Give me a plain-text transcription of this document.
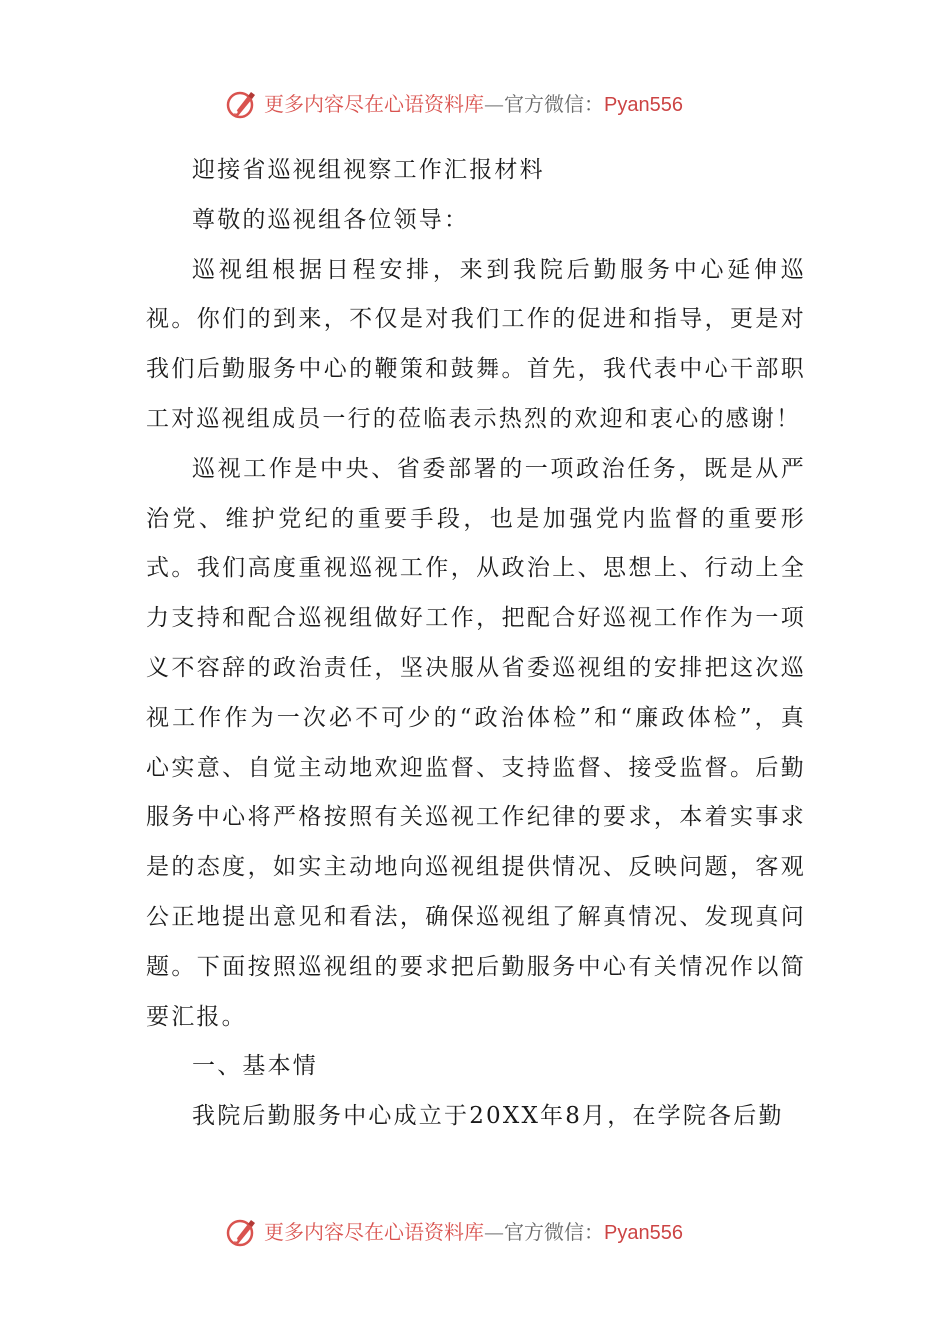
更多内容尽在心语资料库—官方微信：Pyan556

迎接省巡视组视察工作汇报材料

尊敬的巡视组各位领导：

巡视组根据日程安排，来到我院后勤服务中心延伸巡视。你们的到来，不仅是对我们工作的促进和指导，更是对我们后勤服务中心的鞭策和鼓舞。首先，我代表中心干部职工对巡视组成员一行的莅临表示热烈的欢迎和衷心的感谢！

巡视工作是中央、省委部署的一项政治任务，既是从严治党、维护党纪的重要手段，也是加强党内监督的重要形式。我们高度重视巡视工作，从政治上、思想上、行动上全力支持和配合巡视组做好工作，把配合好巡视工作作为一项义不容辞的政治责任，坚决服从省委巡视组的安排把这次巡视工作作为一次必不可少的“政治体检”和“廉政体检”，真心实意、自觉主动地欢迎监督、支持监督、接受监督。后勤服务中心将严格按照有关巡视工作纪律的要求，本着实事求是的态度，如实主动地向巡视组提供情况、反映问题，客观公正地提出意见和看法，确保巡视组了解真情况、发现真问题。下面按照巡视组的要求把后勤服务中心有关情况作以简要汇报。

一、基本情

我院后勤服务中心成立于20XX年8月，在学院各后勤

更多内容尽在心语资料库—官方微信：Pyan556
